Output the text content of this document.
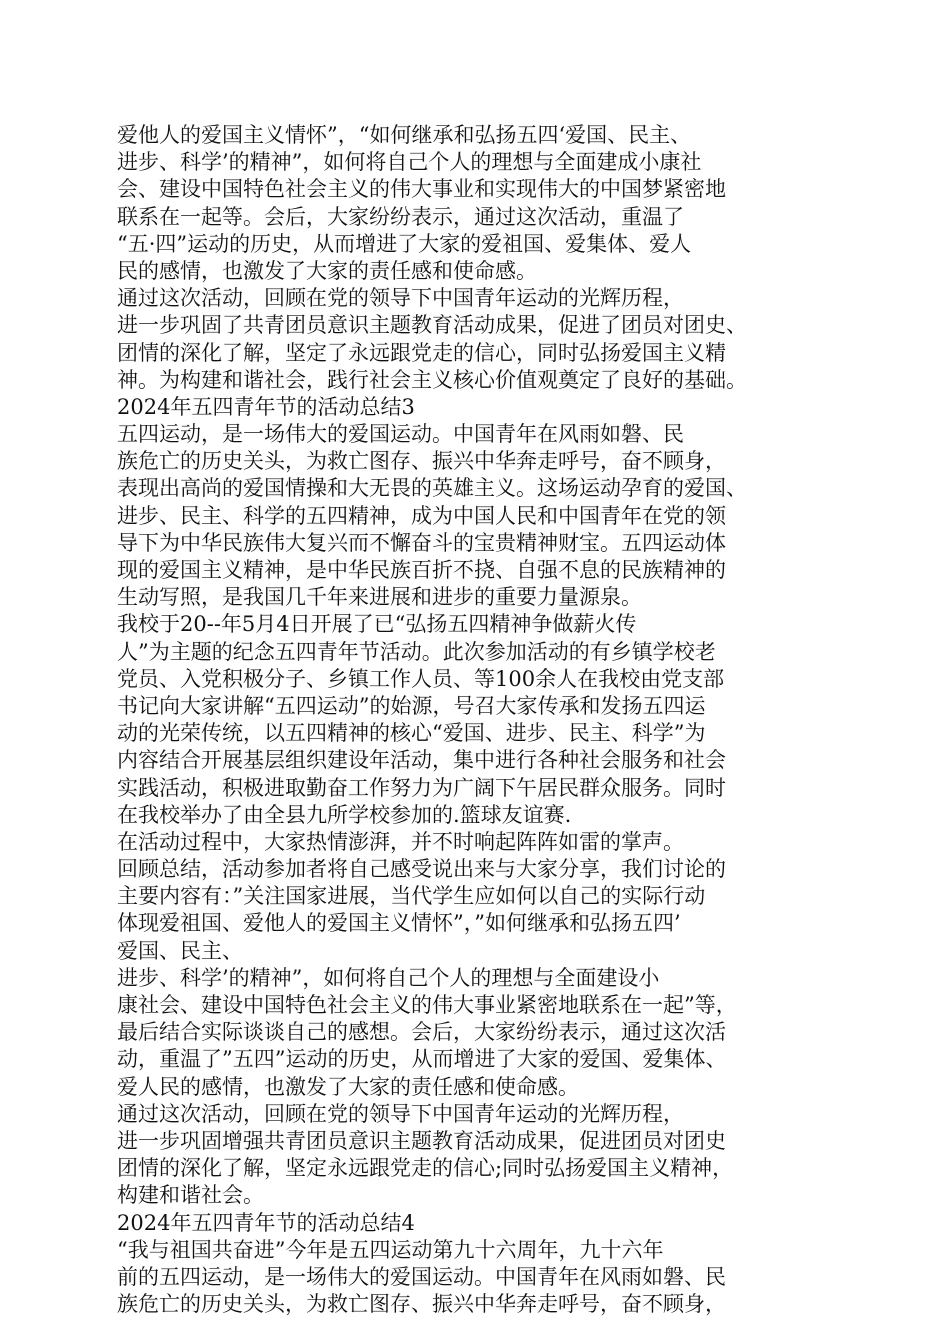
爱他人的爱国主义情怀”，“如何继承和弘扬五四‘爱国、民主、
进步、科学’的精神”，如何将自己个人的理想与全面建成小康社
会、建设中国特色社会主义的伟大事业和实现伟大的中国梦紧密地
联系在一起等。会后，大家纷纷表示，通过这次活动，重温了
“五·四”运动的历史，从而增进了大家的爱祖国、爱集体、爱人
民的感情，也激发了大家的责任感和使命感。
通过这次活动，回顾在党的领导下中国青年运动的光辉历程，
进一步巩固了共青团员意识主题教育活动成果，促进了团员对团史、
团情的深化了解，坚定了永远跟党走的信心，同时弘扬爱国主义精
神。为构建和谐社会，践行社会主义核心价值观奠定了良好的基础。
2024年五四青年节的活动总结3
五四运动，是一场伟大的爱国运动。中国青年在风雨如磐、民
族危亡的历史关头，为救亡图存、振兴中华奔走呼号，奋不顾身，
表现出高尚的爱国情操和大无畏的英雄主义。这场运动孕育的爱国、
进步、民主、科学的五四精神，成为中国人民和中国青年在党的领
导下为中华民族伟大复兴而不懈奋斗的宝贵精神财宝。五四运动体
现的爱国主义精神，是中华民族百折不挠、自强不息的民族精神的
生动写照，是我国几千年来进展和进步的重要力量源泉。
我校于20--年5月4日开展了已“弘扬五四精神争做薪火传
人”为主题的纪念五四青年节活动。此次参加活动的有乡镇学校老
党员、入党积极分子、乡镇工作人员、等100余人在我校由党支部
书记向大家讲解“五四运动”的始源，号召大家传承和发扬五四运
动的光荣传统，以五四精神的核心“爱国、进步、民主、科学”为
内容结合开展基层组织建设年活动，集中进行各种社会服务和社会
实践活动，积极进取勤奋工作努力为广阔下午居民群众服务。同时
在我校举办了由全县九所学校参加的.篮球友谊赛.
在活动过程中，大家热情澎湃，并不时响起阵阵如雷的掌声。
回顾总结，活动参加者将自己感受说出来与大家分享，我们讨论的
主要内容有：”关注国家进展，当代学生应如何以自己的实际行动
体现爱祖国、爱他人的爱国主义情怀”，”如何继承和弘扬五四’
爱国、民主、
进步、科学’的精神”，如何将自己个人的理想与全面建设小
康社会、建设中国特色社会主义的伟大事业紧密地联系在一起”等，
最后结合实际谈谈自己的感想。会后，大家纷纷表示，通过这次活
动，重温了”五四”运动的历史，从而增进了大家的爱国、爱集体、
爱人民的感情，也激发了大家的责任感和使命感。
通过这次活动，回顾在党的领导下中国青年运动的光辉历程，
进一步巩固增强共青团员意识主题教育活动成果，促进团员对团史
团情的深化了解，坚定永远跟党走的信心;同时弘扬爱国主义精神，
构建和谐社会。
2024年五四青年节的活动总结4
“我与祖国共奋进”今年是五四运动第九十六周年，九十六年
前的五四运动，是一场伟大的爱国运动。中国青年在风雨如磐、民
族危亡的历史关头，为救亡图存、振兴中华奔走呼号，奋不顾身，
